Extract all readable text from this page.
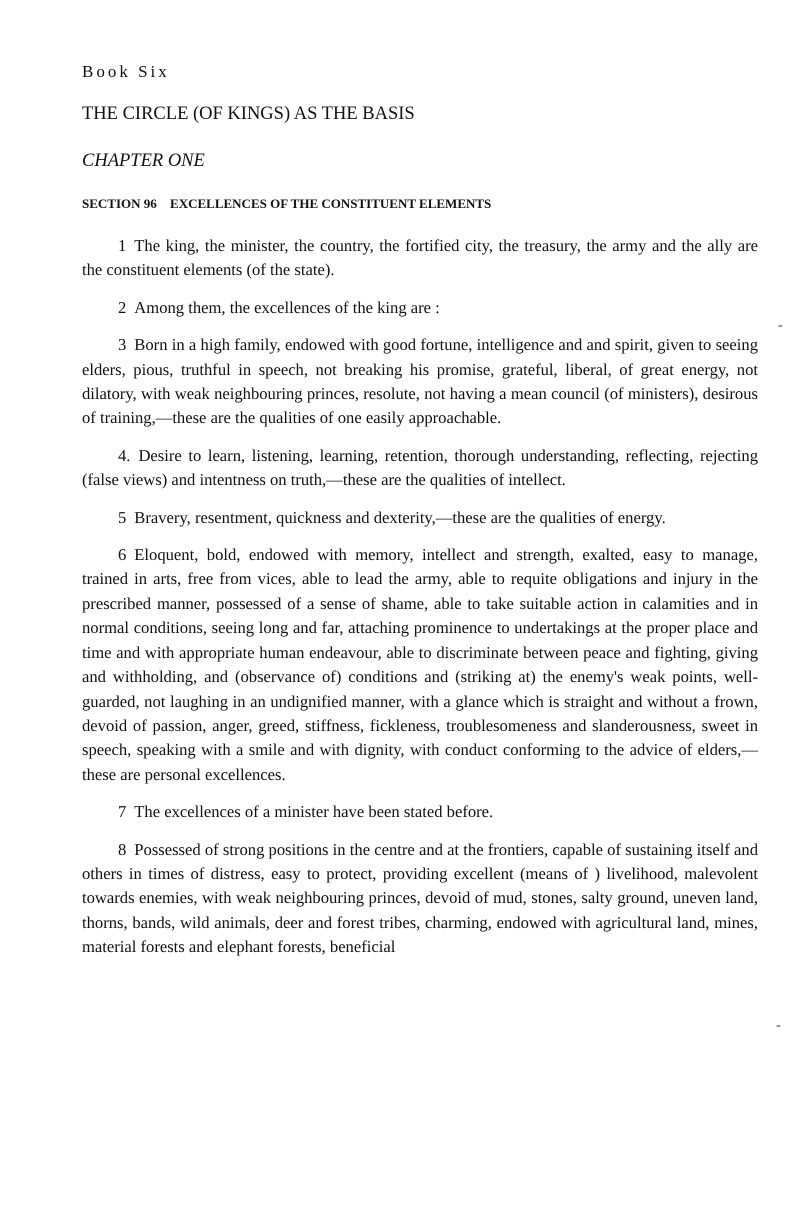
Book Six
THE CIRCLE (OF KINGS) AS THE BASIS
CHAPTER ONE
SECTION 96 EXCELLENCES OF THE CONSTITUENT ELEMENTS

1 The king, the minister, the country, the fortified city, the treasury, the army and the ally are the constituent elements (of the state).

2 Among them, the excellences of the king are :

3 Born in a high family, endowed with good fortune, intelligence and and spirit, given to seeing elders, pious, truthful in speech, not breaking his promise, grateful, liberal, of great energy, not dilatory, with weak neighbouring princes, resolute, not having a mean council (of ministers), desirous of training,—these are the qualities of one easily approachable.

4. Desire to learn, listening, learning, retention, thorough understanding, reflecting, rejecting (false views) and intentness on truth,—these are the qualities of intellect.

5 Bravery, resentment, quickness and dexterity,—these are the qualities of energy.

6 Eloquent, bold, endowed with memory, intellect and strength, exalted, easy to manage, trained in arts, free from vices, able to lead the army, able to requite obligations and injury in the prescribed manner, possessed of a sense of shame, able to take suitable action in calamities and in normal conditions, seeing long and far, attaching prominence to undertakings at the proper place and time and with appropriate human endeavour, able to discriminate between peace and fighting, giving and withholding, and (observance of) conditions and (striking at) the enemy's weak points, well-guarded, not laughing in an undignified manner, with a glance which is straight and without a frown, devoid of passion, anger, greed, stiffness, fickleness, troublesomeness and slanderousness, sweet in speech, speaking with a smile and with dignity, with conduct conforming to the advice of elders,—these are personal excellences.

7 The excellences of a minister have been stated before.

8 Possessed of strong positions in the centre and at the frontiers, capable of sustaining itself and others in times of distress, easy to protect, providing excellent (means of ) livelihood, malevolent towards enemies, with weak neighbouring princes, devoid of mud, stones, salty ground, uneven land, thorns, bands, wild animals, deer and forest tribes, charming, endowed with agricultural land, mines, material forests and elephant forests, beneficial

-
-
